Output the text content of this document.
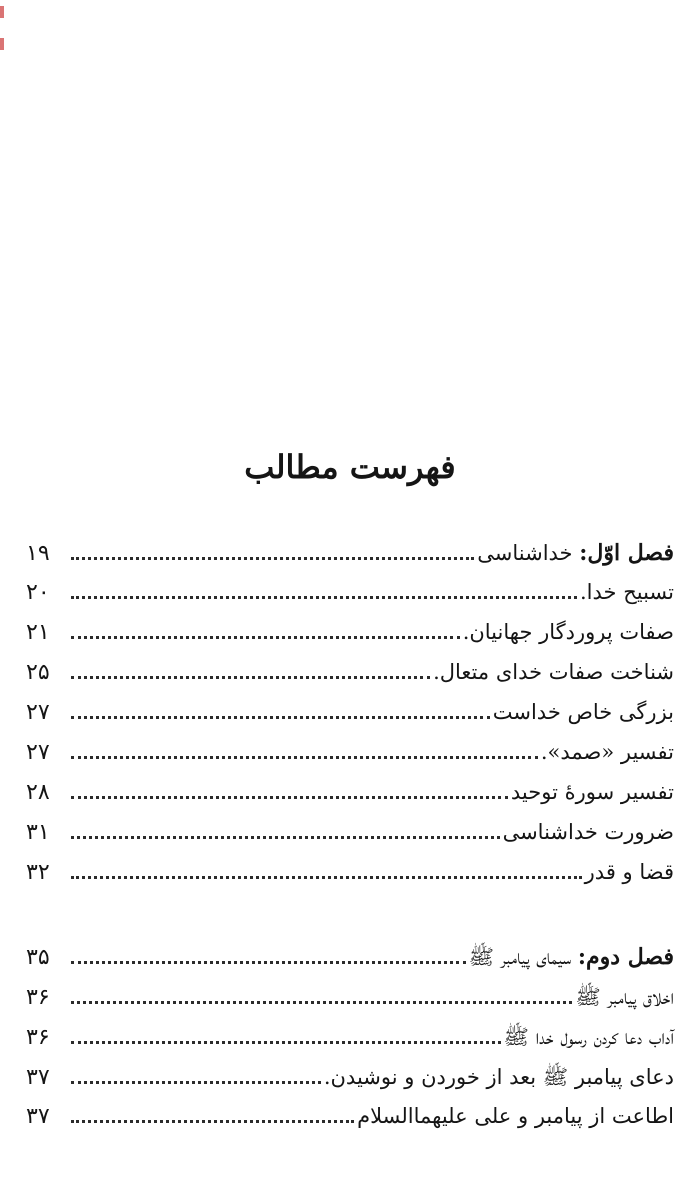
فهرست مطالب
۱۹	فصل اوّل: خداشناسی
۲۰	تسبیح خدا.
۲۱	صفات پروردگار جهانیان.
۲۵	شناخت صفات خدای متعال.
۲۷	بزرگی خاص خداست
۲۷	تفسیر «صمد».
۲۸	تفسیر سورهٔ توحید
۳۱	ضرورت خداشناسی
۳۲	قضا و قدر
۳۵	فصل دوم: سیمای پیامبر ﷺ
۳۶	اخلاق پیامبر ﷺ
۳۶	آداب دعا کردن رسول خدا ﷺ
۳۷	دعای پیامبر ﷺ بعد از خوردن و نوشیدن.
۳۷	اطاعت از پیامبر و علی علیهماالسلام
